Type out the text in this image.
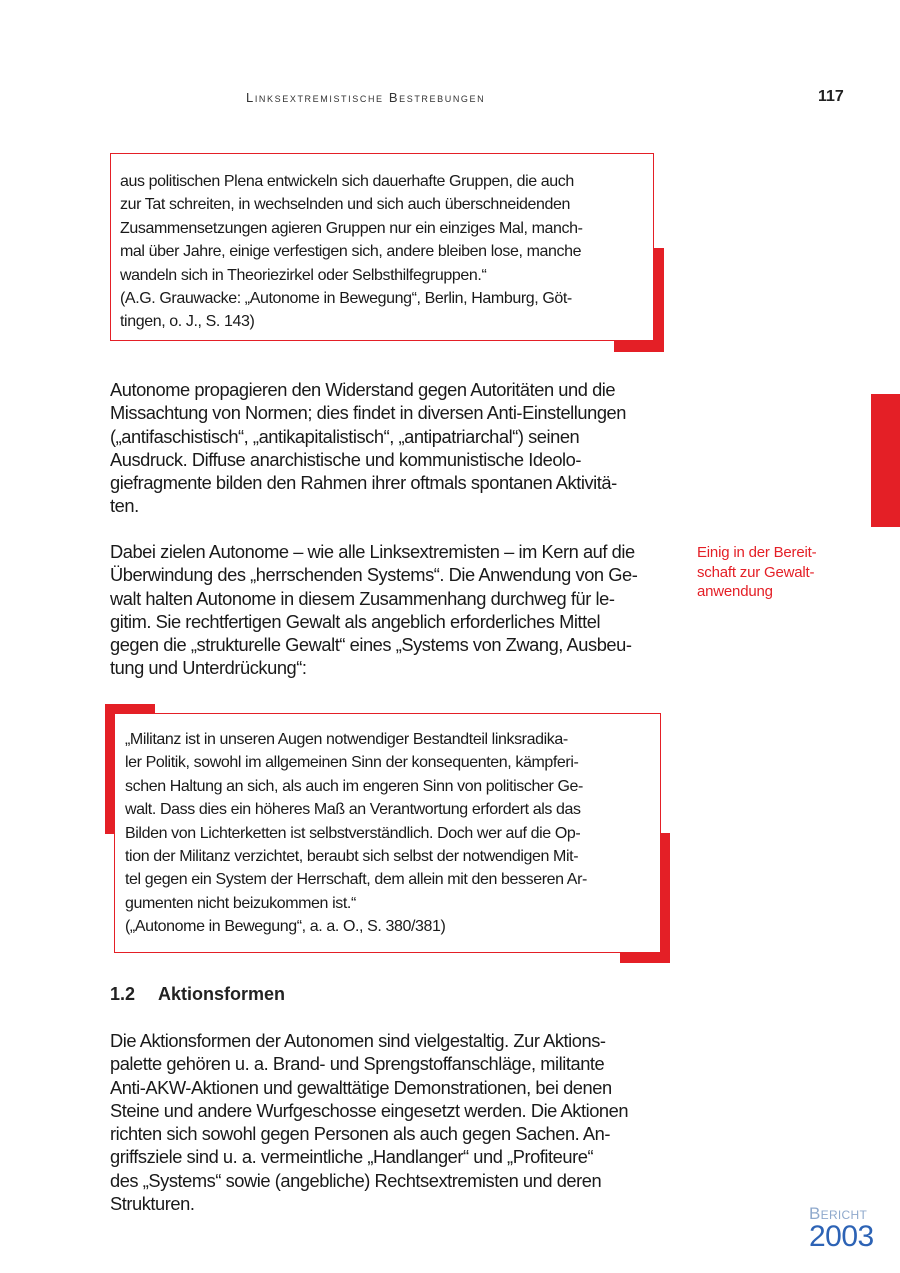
Linksextremistische Bestrebungen	117
aus politischen Plena entwickeln sich dauerhafte Gruppen, die auch
zur Tat schreiten, in wechselnden und sich auch überschneidenden
Zusammensetzungen agieren Gruppen nur ein einziges Mal, manch-
mal über Jahre, einige verfestigen sich, andere bleiben lose, manche
wandeln sich in Theoriezirkel oder Selbsthilfegruppen.“
(A.G. Grauwacke: „Autonome in Bewegung“, Berlin, Hamburg, Göt-
tingen, o. J., S. 143)
Autonome propagieren den Widerstand gegen Autoritäten und die
Missachtung von Normen; dies findet in diversen Anti-Einstellungen
(„antifaschistisch“, „antikapitalistisch“, „antipatriarchal“) seinen
Ausdruck. Diffuse anarchistische und kommunistische Ideolo-
giefragmente bilden den Rahmen ihrer oftmals spontanen Aktivitä-
ten.
Dabei zielen Autonome – wie alle Linksextremisten – im Kern auf die
Überwindung des „herrschenden Systems“. Die Anwendung von Ge-
walt halten Autonome in diesem Zusammenhang durchweg für le-
gitim. Sie rechtfertigen Gewalt als angeblich erforderliches Mittel
gegen die „strukturelle Gewalt“ eines „Systems von Zwang, Ausbeu-
tung und Unterdrückung“:
Einig in der Bereit-
schaft zur Gewalt-
anwendung
„Militanz ist in unseren Augen notwendiger Bestandteil linksradika-
ler Politik, sowohl im allgemeinen Sinn der konsequenten, kämpferi-
schen Haltung an sich, als auch im engeren Sinn von politischer Ge-
walt. Dass dies ein höheres Maß an Verantwortung erfordert als das
Bilden von Lichterketten ist selbstverständlich. Doch wer auf die Op-
tion der Militanz verzichtet, beraubt sich selbst der notwendigen Mit-
tel gegen ein System der Herrschaft, dem allein mit den besseren Ar-
gumenten nicht beizukommen ist.“
(„Autonome in Bewegung“, a. a. O., S. 380/381)
1.2 Aktionsformen
Die Aktionsformen der Autonomen sind vielgestaltig. Zur Aktions-
palette gehören u. a. Brand- und Sprengstoffanschläge, militante
Anti-AKW-Aktionen und gewalttätige Demonstrationen, bei denen
Steine und andere Wurfgeschosse eingesetzt werden. Die Aktionen
richten sich sowohl gegen Personen als auch gegen Sachen. An-
griffsziele sind u. a. vermeintliche „Handlanger“ und „Profiteure“
des „Systems“ sowie (angebliche) Rechtsextremisten und deren
Strukturen.	Bericht
2003
